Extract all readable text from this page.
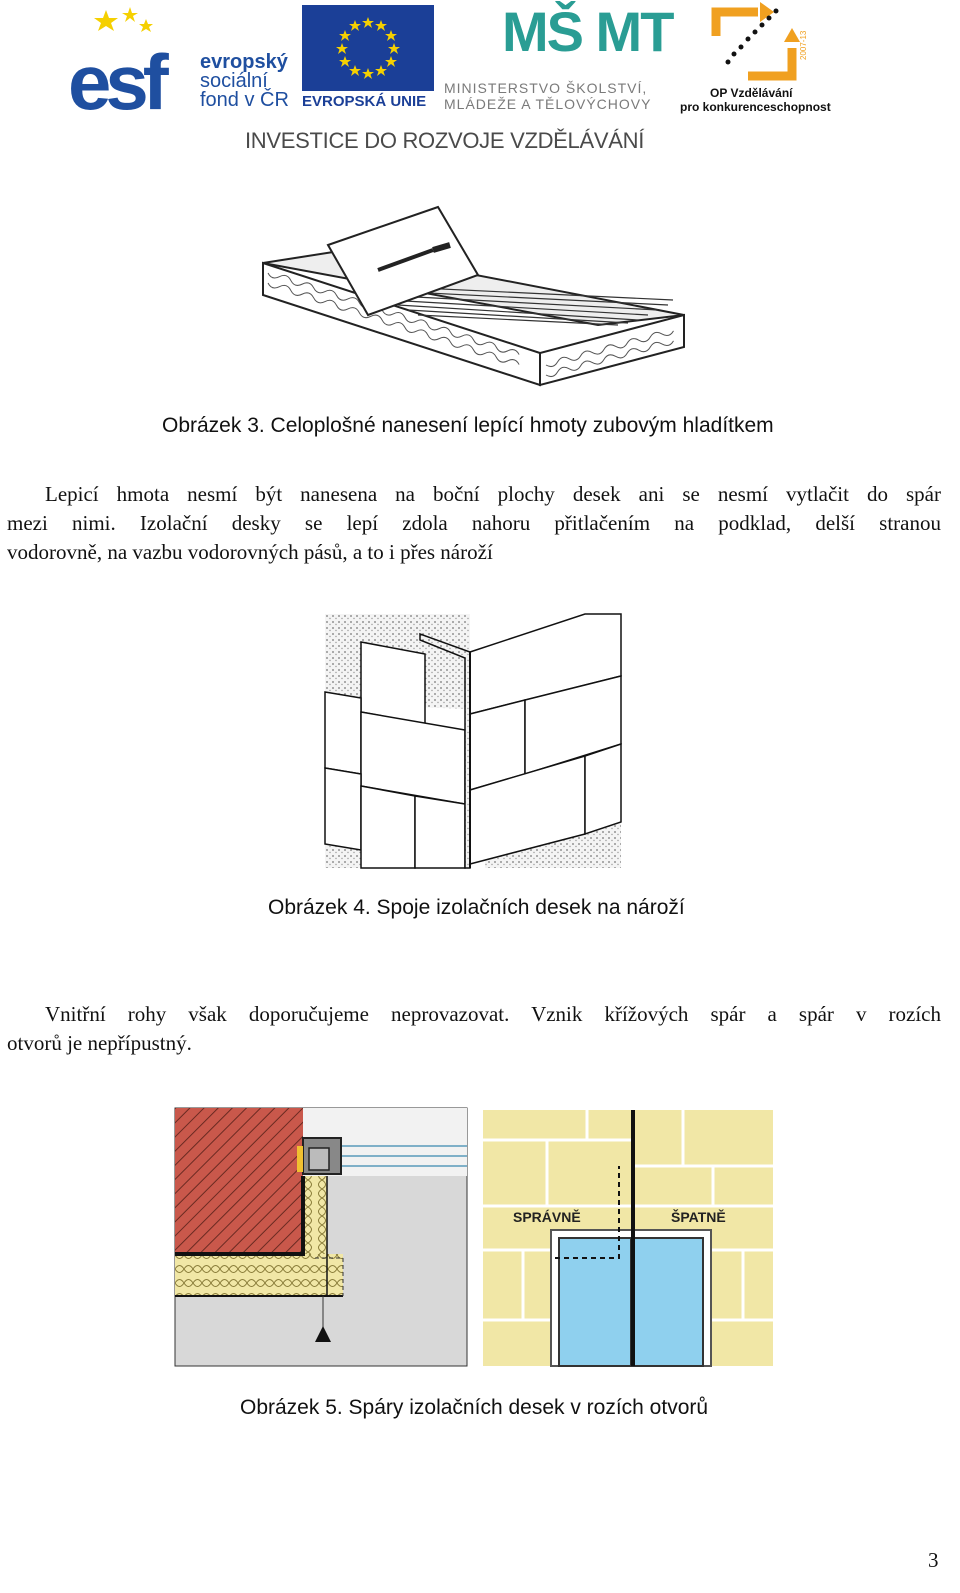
esf	evropský
sociální
fond v ČR EVROPSKÁ UNIE
MŠ MT
MINISTERSTVO ŠKOLSTVÍ,
MLÁDEŽE A TĚLOVÝCHOVY
2007-13
OP Vzdělávání
pro konkurenceschopnost
INVESTICE DO ROZVOJE VZDĚLÁVÁNÍ
Obrázek 3. Celoplošné nanesení lepící hmoty zubovým hladítkem
Lepicí hmota nesmí být nanesena na boční plochy desek ani se nesmí vytlačit do spár
mezi nimi. Izolační desky se lepí zdola nahoru přitlačením na podklad, delší stranou
vodorovně, na vazbu vodorovných pásů, a to i přes nároží
Obrázek 4. Spoje izolačních desek na nároží
Vnitřní rohy však doporučujeme neprovazovat. Vznik křížových spár a spár v rozích
otvorů je nepřípustný.
SPRÁVNĚ	ŠPATNĚ
Obrázek 5. Spáry izolačních desek v rozích otvorů
3
